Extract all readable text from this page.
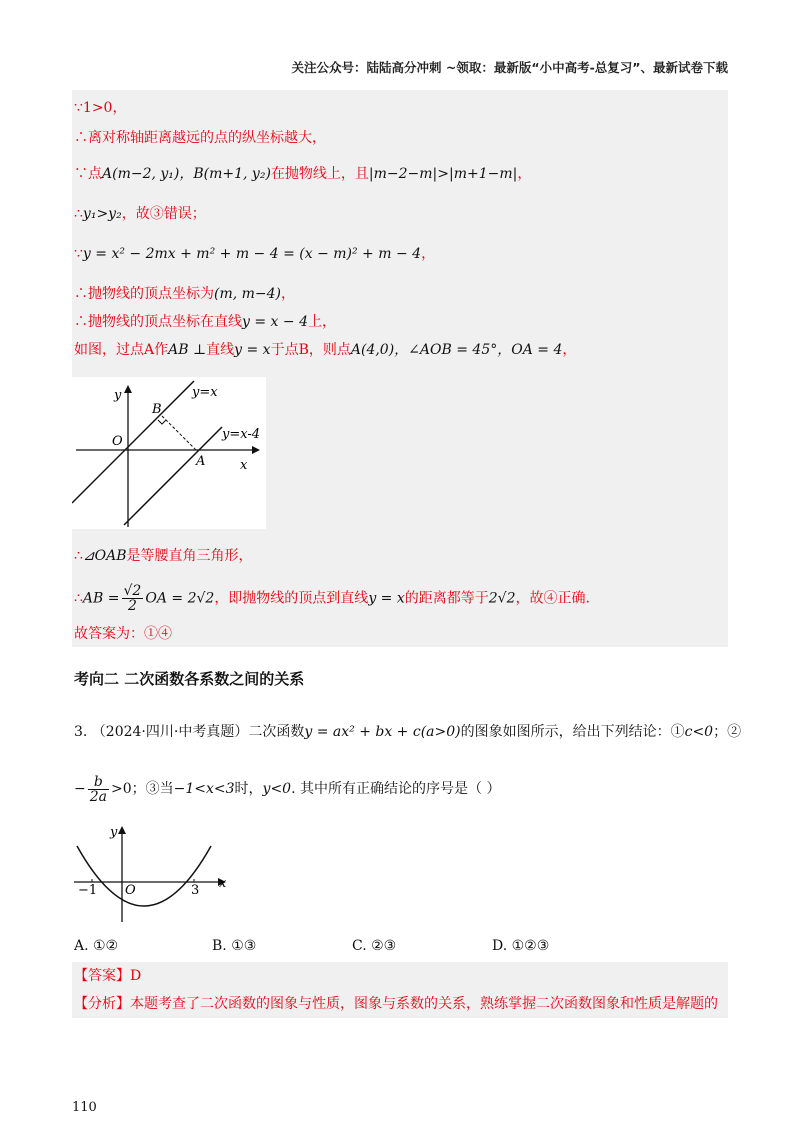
关注公众号：陆陆高分冲刺 ~领取：最新版“小中高考-总复习”、最新试卷下载
∵1>0，
∴离对称轴距离越远的点的纵坐标越大，
∵点A(m−2, y₁)，B(m+1, y₂)在抛物线上，且|m−2−m|>|m+1−m|，
∴y₁>y₂，故③错误；
∵y = x² − 2mx + m² + m − 4 = (x − m)² + m − 4，
∴抛物线的顶点坐标为(m, m−4)，
∴抛物线的顶点坐标在直线y = x − 4上，
如图，过点A作AB ⊥直线y = x于点B，则点A(4,0)，∠AOB = 45°，OA = 4，
y
x
O
A
B
y=x
y=x-4
∴⊿OAB是等腰直角三角形，
∴AB = $\frac{√2}{2}$ OA = 2√2，即抛物线的顶点到直线y = x的距离都等于2√2，故④正确.
故答案为：①④
考向二 二次函数各系数之间的关系
3. （2024·四川·中考真题）二次函数y = ax² + bx + c(a>0)的图象如图所示，给出下列结论：①c<0；②
− $\frac{b}{2a} >0$；③当−1<x<3时，y<0. 其中所有正确结论的序号是（ ）
y
x
O
−1	3
A. ①②	B. ①③	C. ②③	D. ①②③
【答案】D
【分析】本题考查了二次函数的图象与性质，图象与系数的关系，熟练掌握二次函数图象和性质是解题的
110
